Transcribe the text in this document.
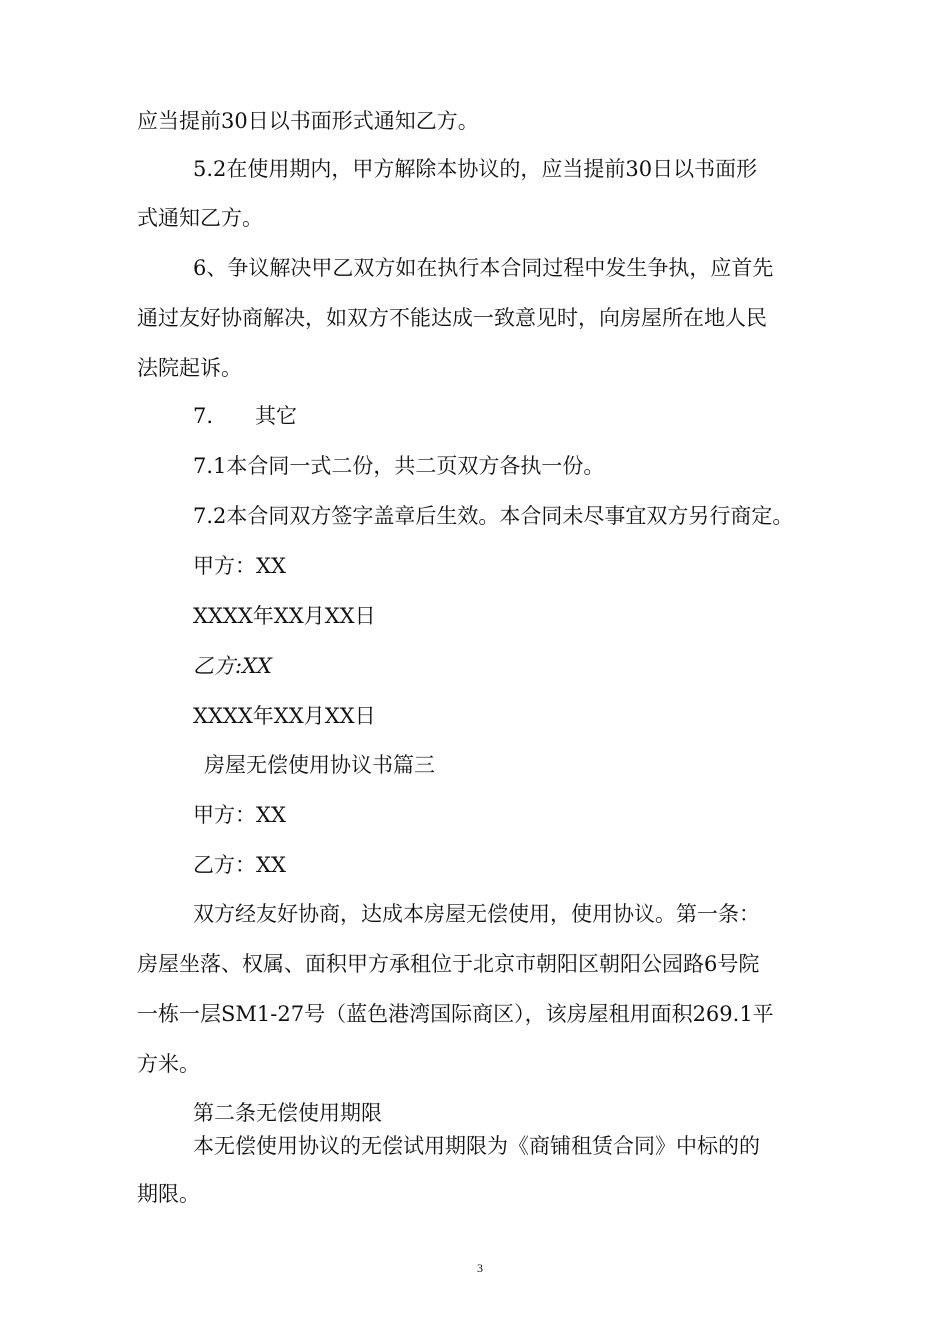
应当提前30日以书面形式通知乙方。
5.2在使用期内，甲方解除本协议的，应当提前30日以书面形
式通知乙方。
6、争议解决甲乙双方如在执行本合同过程中发生争执，应首先
通过友好协商解决，如双方不能达成一致意见时，向房屋所在地人民
法院起诉。
7.　　其它
7.1本合同一式二份，共二页双方各执一份。
7.2本合同双方签字盖章后生效。本合同未尽事宜双方另行商定。
甲方：XX
XXXX年XX月XX日
乙方:XX
XXXX年XX月XX日
房屋无偿使用协议书篇三
甲方：XX
乙方：XX
双方经友好协商，达成本房屋无偿使用，使用协议。第一条：
房屋坐落、权属、面积甲方承租位于北京市朝阳区朝阳公园路6号院
一栋一层SM1-27号（蓝色港湾国际商区），该房屋租用面积269.1平
方米。
第二条无偿使用期限
本无偿使用协议的无偿试用期限为《商铺租赁合同》中标的的
期限。
3
